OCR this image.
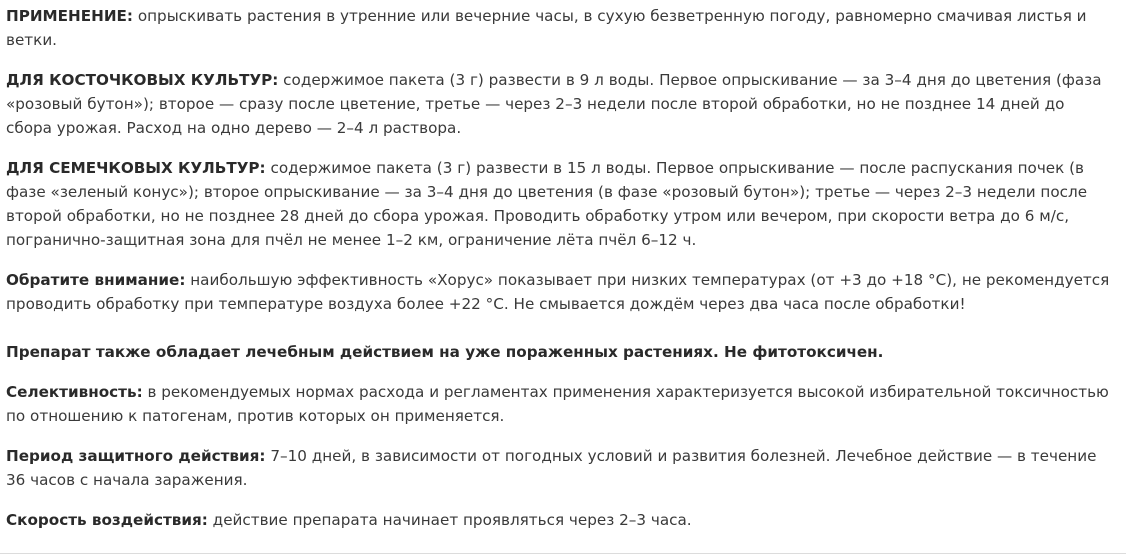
ПРИМЕНЕНИЕ: опрыскивать растения в утренние или вечерние часы, в сухую безветренную погоду, равномерно смачивая листья и ветки.

ДЛЯ КОСТОЧКОВЫХ КУЛЬТУР: содержимое пакета (3 г) развести в 9 л воды. Первое опрыскивание — за 3–4 дня до цветения (фаза «розовый бутон»); второе — сразу после цветение, третье — через 2–3 недели после второй обработки, но не позднее 14 дней до сбора урожая. Расход на одно дерево — 2–4 л раствора.

ДЛЯ СЕМЕЧКОВЫХ КУЛЬТУР: содержимое пакета (3 г) развести в 15 л воды. Первое опрыскивание — после распускания почек (в фазе «зеленый конус»); второе опрыскивание — за 3–4 дня до цветения (в фазе «розовый бутон»); третье — через 2–3 недели после второй обработки, но не позднее 28 дней до сбора урожая. Проводить обработку утром или вечером, при скорости ветра до 6 м/с, погранично-защитная зона для пчёл не менее 1–2 км, ограничение лёта пчёл 6–12 ч.

Обратите внимание: наибольшую эффективность «Хорус» показывает при низких температурах (от +3 до +18 °C), не рекомендуется проводить обработку при температуре воздуха более +22 °C. Не смывается дождём через два часа после обработки!

Препарат также обладает лечебным действием на уже пораженных растениях. Не фитотоксичен.

Селективность: в рекомендуемых нормах расхода и регламентах применения характеризуется высокой избирательной токсичностью по отношению к патогенам, против которых он применяется.

Период защитного действия: 7–10 дней, в зависимости от погодных условий и развития болезней. Лечебное действие — в течение 36 часов с начала заражения.

Скорость воздействия: действие препарата начинает проявляться через 2–3 часа.
